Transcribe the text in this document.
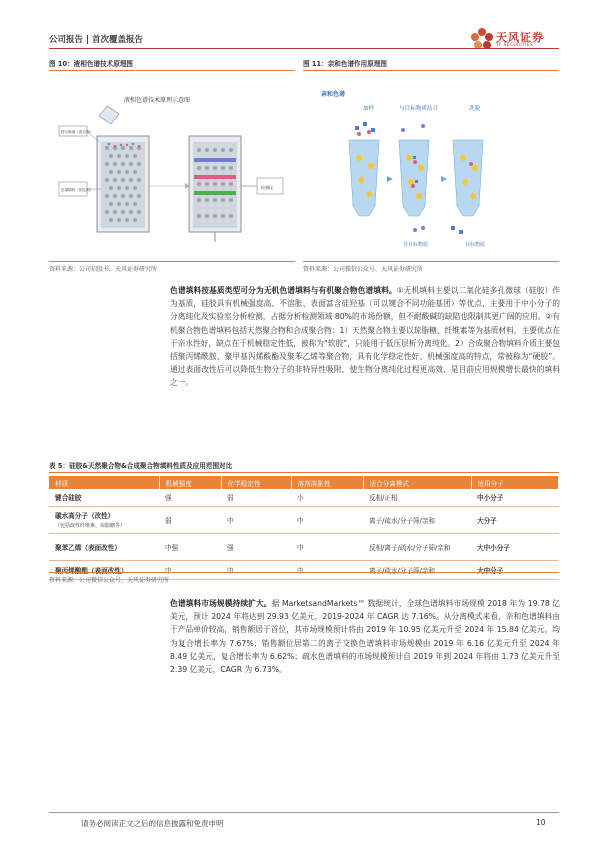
公司报告 | 首次覆盖报告	天风证券
TF SECURITIES
图 10：液相色谱技术原理图	图 11：亲和色谱作用原理图
液相色谱技术原理示意图
待分离液（混合物）
色谱填料（固定相）	检测仪
亲和色谱
加样	与目标物质结合	洗脱
非目标物质	目标物质
资料来源：公司招股书，天风证券研究所	资料来源：公司微信公众号，天风证券研究所
色谱填料按基质类型可分为无机色谱填料与有机聚合物色谱填料。①无机填料主要以二氧化硅多孔微球（硅胶）作为基质，硅胶具有机械强度高、不溶胀、表面富含硅羟基（可以键合不同功能基团）等优点，主要用于中小分子的分离纯化及实验室分析检测，占据分析检测领域 80%的市场份额，但不耐酸碱的缺陷也限制其更广阔的应用。②有机聚合物色谱填料包括天然聚合物和合成聚合物：1）天然聚合物主要以琼脂糖、纤维素等为基质材料，主要优点在于亲水性好，缺点在于机械稳定性低，被称为“软胶”，只能用于低压层析分离纯化。2）合成聚合物填料介质主要包括聚丙烯酰胺、聚甲基丙烯酸酯及聚苯乙烯等聚合物，具有化学稳定性好、机械强度高的特点，常被称为“硬胶”。通过表面改性后可以降低生物分子的非特异性吸附，使生物分离纯化过程更高效，是目前应用规模增长最快的填料之一。
表 5：硅胶&天然聚合物&合成聚合物填料性质及应用范围对比
材质	机械强度	化学稳定性	溶剂溶胀性	适合分离模式	适用分子
键合硅胶	强	弱	小	反相/正相	中小分子

碳水高分子（改性）
（包括改性纤维素、琼脂糖等）	弱	中	中	离子/疏水/分子筛/亲和	大分子
聚苯乙烯（表面改性）	中强	强	中	反相/离子/疏水/分子筛/亲和	大中小分子
聚丙烯酸酯（表面改性）	中	中	中	离子/疏水/分子筛/亲和	大中分子
资料来源：公司微信公众号，天风证券研究所
色谱填料市场规模持续扩大。据 MarketsandMarkets™ 数据统计，全球色谱填料市场规模 2018 年为 19.78 亿美元，预计 2024 年将达到 29.93 亿美元，2019-2024 年 CAGR 达 7.16%。从分离模式来看，亲和色谱填料由于产品单价较高，销售额居于首位，其市场规模预计将由 2019 年 10.95 亿美元升至 2024 年 15.84 亿美元，均为复合增长率为 7.67%；销售额位居第二的离子交换色谱填料市场规模由 2019 年 6.16 亿美元升至 2024 年 8.49 亿美元，复合增长率为 6.62%；疏水色谱填料的市场规模预计自 2019 年到 2024 年将由 1.73 亿美元升至 2.39 亿美元，CAGR 为 6.73%。
请务必阅读正文之后的信息披露和免责申明	10
